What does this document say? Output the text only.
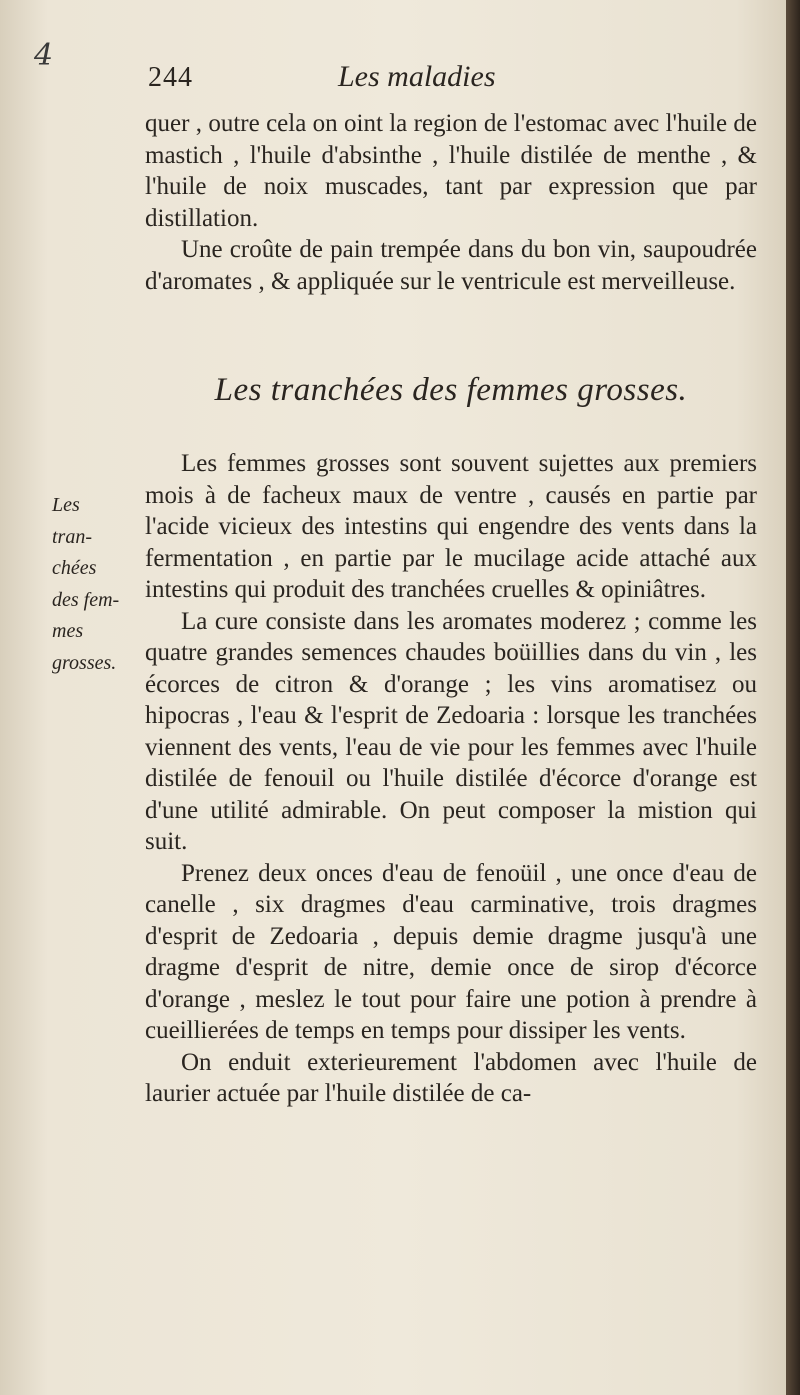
4
244	Les maladies

quer , outre cela on oint la region de l'estomac avec l'huile de mastich , l'huile d'absinthe , l'huile distilée de menthe , & l'huile de noix muscades, tant par expression que par distillation.

Une croûte de pain trempée dans du bon vin, saupoudrée d'aromates , & appliquée sur le ventricule est merveilleuse.

Les tranchées des femmes grosses.
Les
tran-
chées
des fem-
mes
grosses.

Les femmes grosses sont souvent sujettes aux premiers mois à de facheux maux de ventre , causés en partie par l'acide vicieux des intestins qui engendre des vents dans la fermentation , en partie par le mucilage acide attaché aux intestins qui produit des tranchées cruelles & opiniâtres.

La cure consiste dans les aromates moderez ; comme les quatre grandes semences chaudes boüillies dans du vin , les écorces de citron & d'orange ; les vins aromatisez ou hipocras , l'eau & l'esprit de Zedoaria : lorsque les tranchées viennent des vents, l'eau de vie pour les femmes avec l'huile distilée de fenouil ou l'huile distilée d'écorce d'orange est d'une utilité admirable. On peut composer la mistion qui suit.

Prenez deux onces d'eau de fenoüil , une once d'eau de canelle , six dragmes d'eau carminative, trois dragmes d'esprit de Zedoaria , depuis demie dragme jusqu'à une dragme d'esprit de nitre, demie once de sirop d'écorce d'orange , meslez le tout pour faire une potion à prendre à cueillierées de temps en temps pour dissiper les vents.

On enduit exterieurement l'abdomen avec l'huile de laurier actuée par l'huile distilée de ca-
